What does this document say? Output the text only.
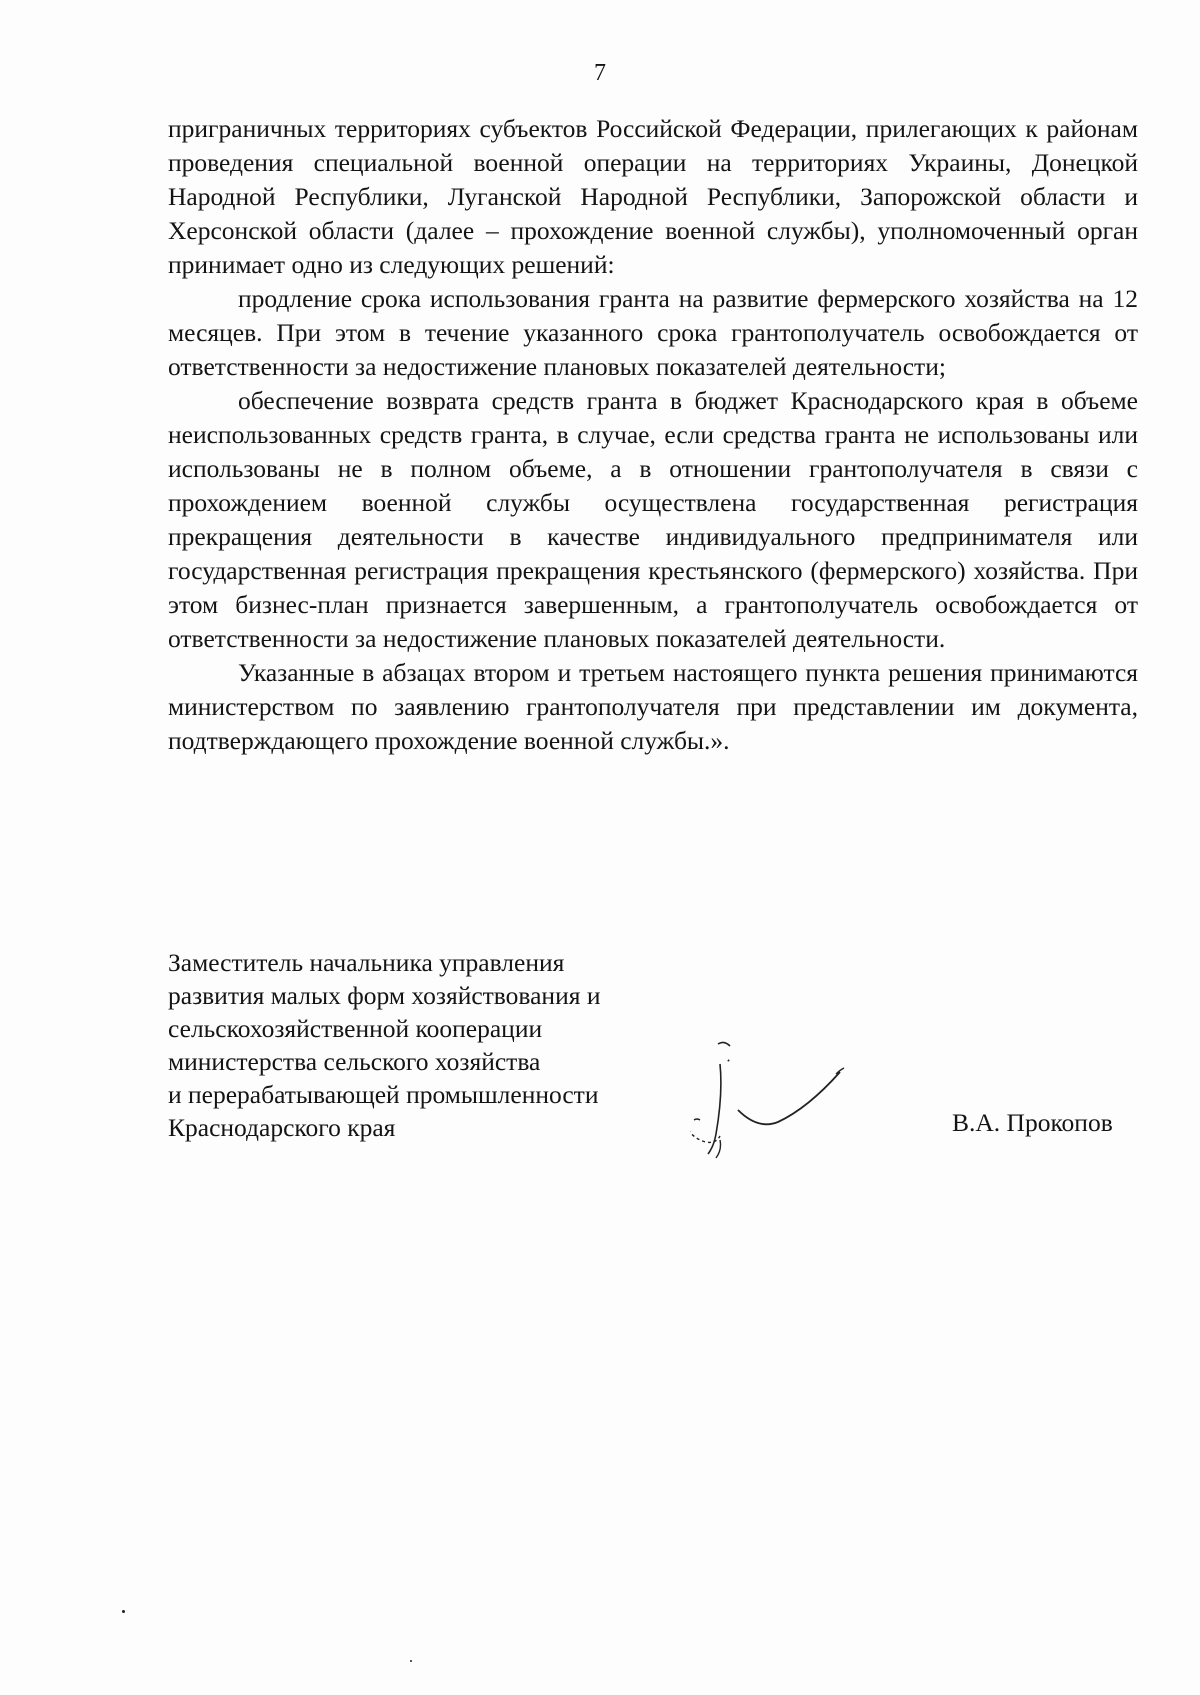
7

приграничных территориях субъектов Российской Федерации, прилегающих к районам проведения специальной военной операции на территориях Украины, Донецкой Народной Республики, Луганской Народной Республики, Запорожской области и Херсонской области (далее – прохождение военной службы), уполномоченный орган принимает одно из следующих решений:

продление срока использования гранта на развитие фермерского хозяйства на 12 месяцев. При этом в течение указанного срока грантополучатель освобождается от ответственности за недостижение плановых показателей деятельности;

обеспечение возврата средств гранта в бюджет Краснодарского края в объеме неиспользованных средств гранта, в случае, если средства гранта не использованы или использованы не в полном объеме, а в отношении грантополучателя в связи с прохождением военной службы осуществлена государственная регистрация прекращения деятельности в качестве индивидуального предпринимателя или государственная регистрация прекращения крестьянского (фермерского) хозяйства. При этом бизнес-план признается завершенным, а грантополучатель освобождается от ответственности за недостижение плановых показателей деятельности.

Указанные в абзацах втором и третьем настоящего пункта решения принимаются министерством по заявлению грантополучателя при представлении им документа, подтверждающего прохождение военной службы.».

Заместитель начальника управления
развития малых форм хозяйствования и
сельскохозяйственной кооперации
министерства сельского хозяйства
и перерабатывающей промышленности
Краснодарского края	В.А. Прокопов
